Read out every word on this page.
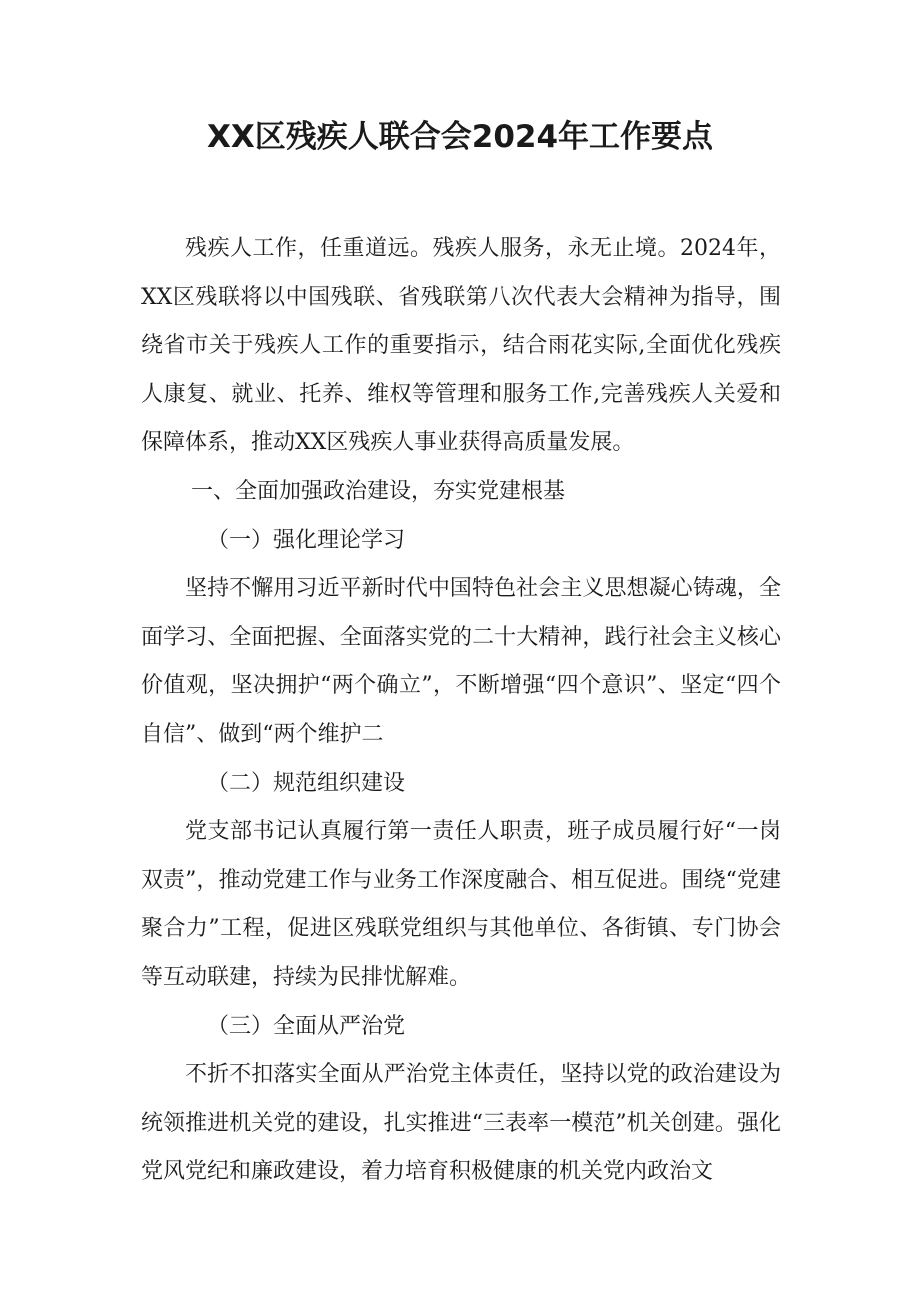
XX区残疾人联合会2024年工作要点

残疾人工作，任重道远。残疾人服务，永无止境。2024年，XX区残联将以中国残联、省残联第八次代表大会精神为指导，围绕省市关于残疾人工作的重要指示，结合雨花实际,全面优化残疾人康复、就业、托养、维权等管理和服务工作,完善残疾人关爱和保障体系，推动XX区残疾人事业获得高质量发展。

一、全面加强政治建设，夯实党建根基

（一）强化理论学习

坚持不懈用习近平新时代中国特色社会主义思想凝心铸魂，全面学习、全面把握、全面落实党的二十大精神，践行社会主义核心价值观，坚决拥护“两个确立”，不断增强“四个意识”、坚定“四个自信”、做到“两个维护二

（二）规范组织建设

党支部书记认真履行第一责任人职责，班子成员履行好“一岗双责”，推动党建工作与业务工作深度融合、相互促进。围绕“党建聚合力”工程，促进区残联党组织与其他单位、各街镇、专门协会等互动联建，持续为民排忧解难。

（三）全面从严治党

不折不扣落实全面从严治党主体责任，坚持以党的政治建设为统领推进机关党的建设，扎实推进“三表率一模范”机关创建。强化党风党纪和廉政建设，着力培育积极健康的机关党内政治文
